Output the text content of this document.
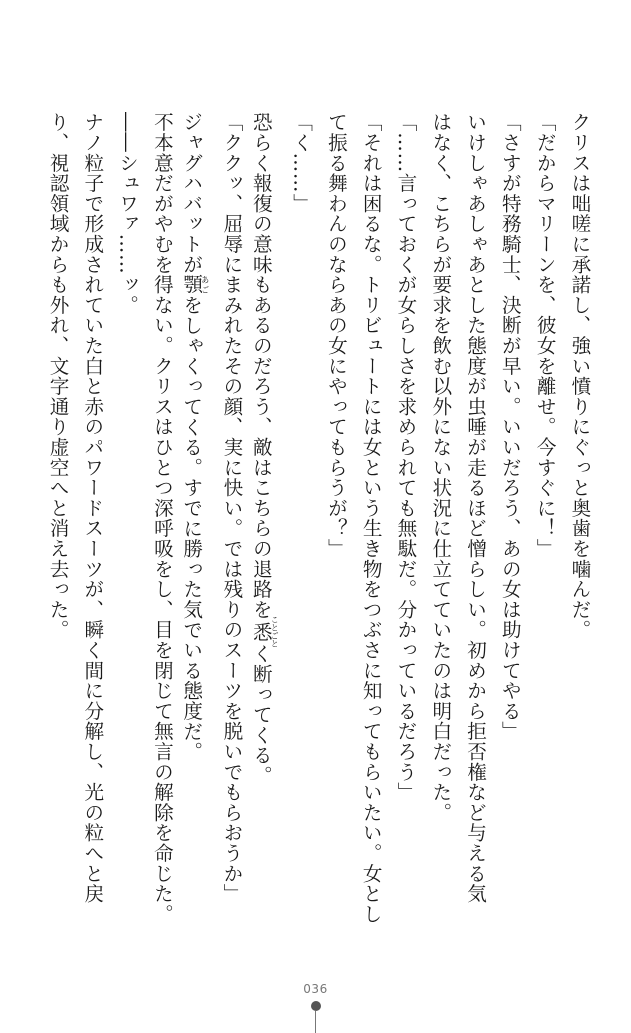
クリスは咄嗟に承諾し、強い憤りにぐっと奥歯を噛んだ。
「だからマリーンを、彼女を離せ。今すぐに！」
「さすが特務騎士、決断が早い。いいだろう、あの女は助けてやる」
いけしゃあしゃあとした態度が虫唾が走るほど憎らしい。初めから拒否権など与える気
はなく、こちらが要求を飲む以外にない状況に仕立てていたのは明白だった。
「……言っておくが女らしさを求められても無駄だ。分かっているだろう」
「それは困るな。トリビュートには女という生き物をつぶさに知ってもらいたい。女とし
て振る舞わんのならあの女にやってもらうが？」
「く……」
恐らく報復の意味もあるのだろう、敵はこちらの退路を悉ことごとく断ってくる。
「ククッ、屈辱にまみれたその顔、実に快い。では残りのスーツを脱いでもらおうか」
ジャグハバットが顎あごをしゃくってくる。すでに勝った気でいる態度だ。
不本意だがやむを得ない。クリスはひとつ深呼吸をし、目を閉じて無言の解除を命じた。
――シュワァ……ッ。
ナノ粒子で形成されていた白と赤のパワードスーツが、瞬く間に分解し、光の粒へと戻
り、視認領域からも外れ、文字通り虚空へと消え去った。
036
